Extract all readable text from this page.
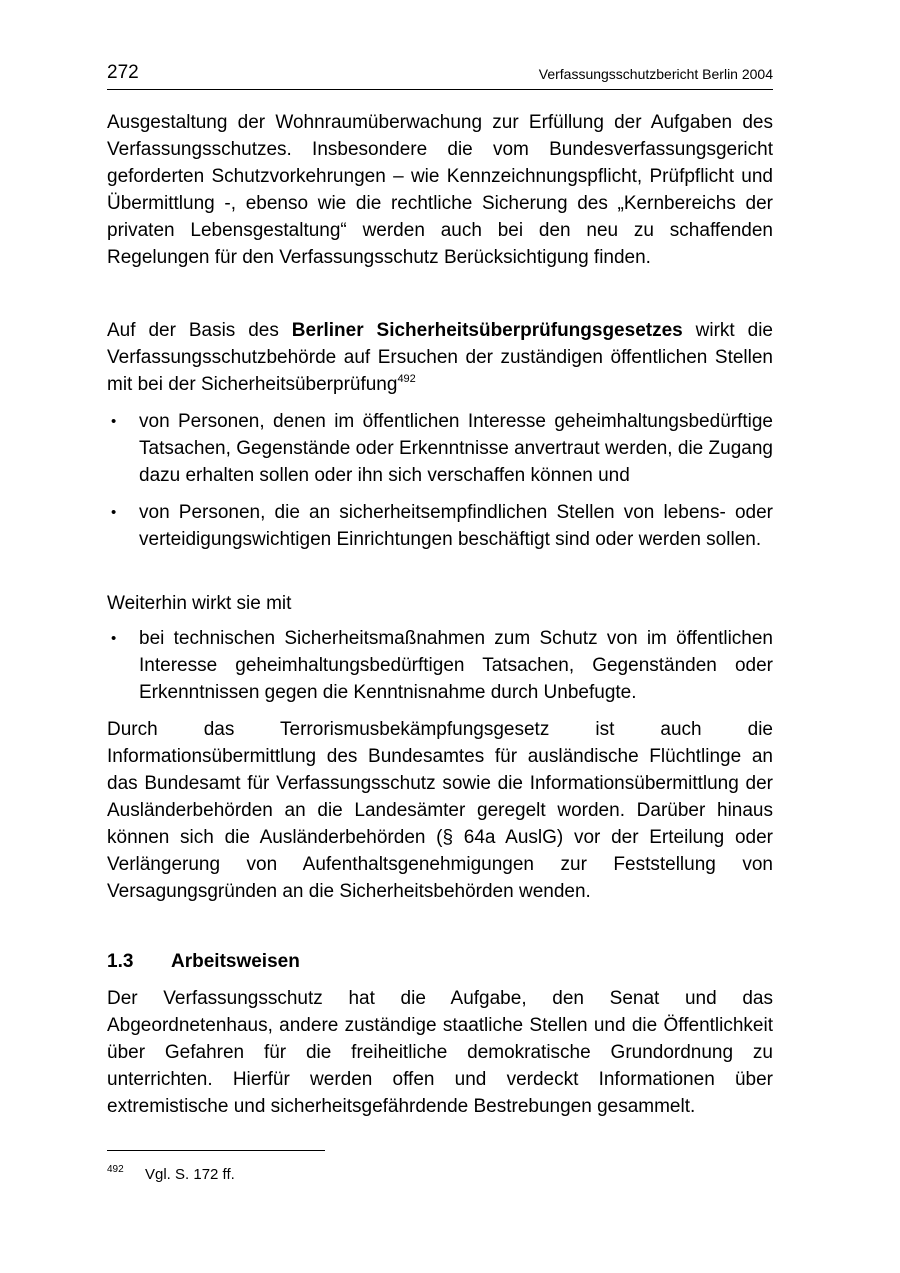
272	Verfassungsschutzbericht Berlin 2004

Ausgestaltung der Wohnraumüberwachung zur Erfüllung der Aufgaben des Verfassungsschutzes. Insbesondere die vom Bundesverfassungsgericht geforderten Schutzvorkehrungen – wie Kennzeichnungspflicht, Prüfpflicht und Übermittlung -, ebenso wie die rechtliche Sicherung des „Kernbereichs der privaten Lebensgestaltung“ werden auch bei den neu zu schaffenden Regelungen für den Verfassungsschutz Berücksichtigung finden.

Auf der Basis des Berliner Sicherheitsüberprüfungsgesetzes wirkt die Verfassungsschutzbehörde auf Ersuchen der zuständigen öffentlichen Stellen mit bei der Sicherheitsüberprüfung$^{492}$

• von Personen, denen im öffentlichen Interesse geheimhaltungsbedürftige Tatsachen, Gegenstände oder Erkenntnisse anvertraut werden, die Zugang dazu erhalten sollen oder ihn sich verschaffen können und

• von Personen, die an sicherheitsempfindlichen Stellen von lebens- oder verteidigungswichtigen Einrichtungen beschäftigt sind oder werden sollen.

Weiterhin wirkt sie mit

• bei technischen Sicherheitsmaßnahmen zum Schutz von im öffentlichen Interesse geheimhaltungsbedürftigen Tatsachen, Gegenständen oder Erkenntnissen gegen die Kenntnisnahme durch Unbefugte.

Durch das Terrorismusbekämpfungsgesetz ist auch die Informationsübermittlung des Bundesamtes für ausländische Flüchtlinge an das Bundesamt für Verfassungsschutz sowie die Informationsübermittlung der Ausländerbehörden an die Landesämter geregelt worden. Darüber hinaus können sich die Ausländerbehörden (§ 64a AuslG) vor der Erteilung oder Verlängerung von Aufenthaltsgenehmigungen zur Feststellung von Versagungsgründen an die Sicherheitsbehörden wenden.

1.3 Arbeitsweisen

Der Verfassungsschutz hat die Aufgabe, den Senat und das Abgeordnetenhaus, andere zuständige staatliche Stellen und die Öffentlichkeit über Gefahren für die freiheitliche demokratische Grundordnung zu unterrichten. Hierfür werden offen und verdeckt Informationen über extremistische und sicherheitsgefährdende Bestrebungen gesammelt.

492 Vgl. S. 172 ff.
